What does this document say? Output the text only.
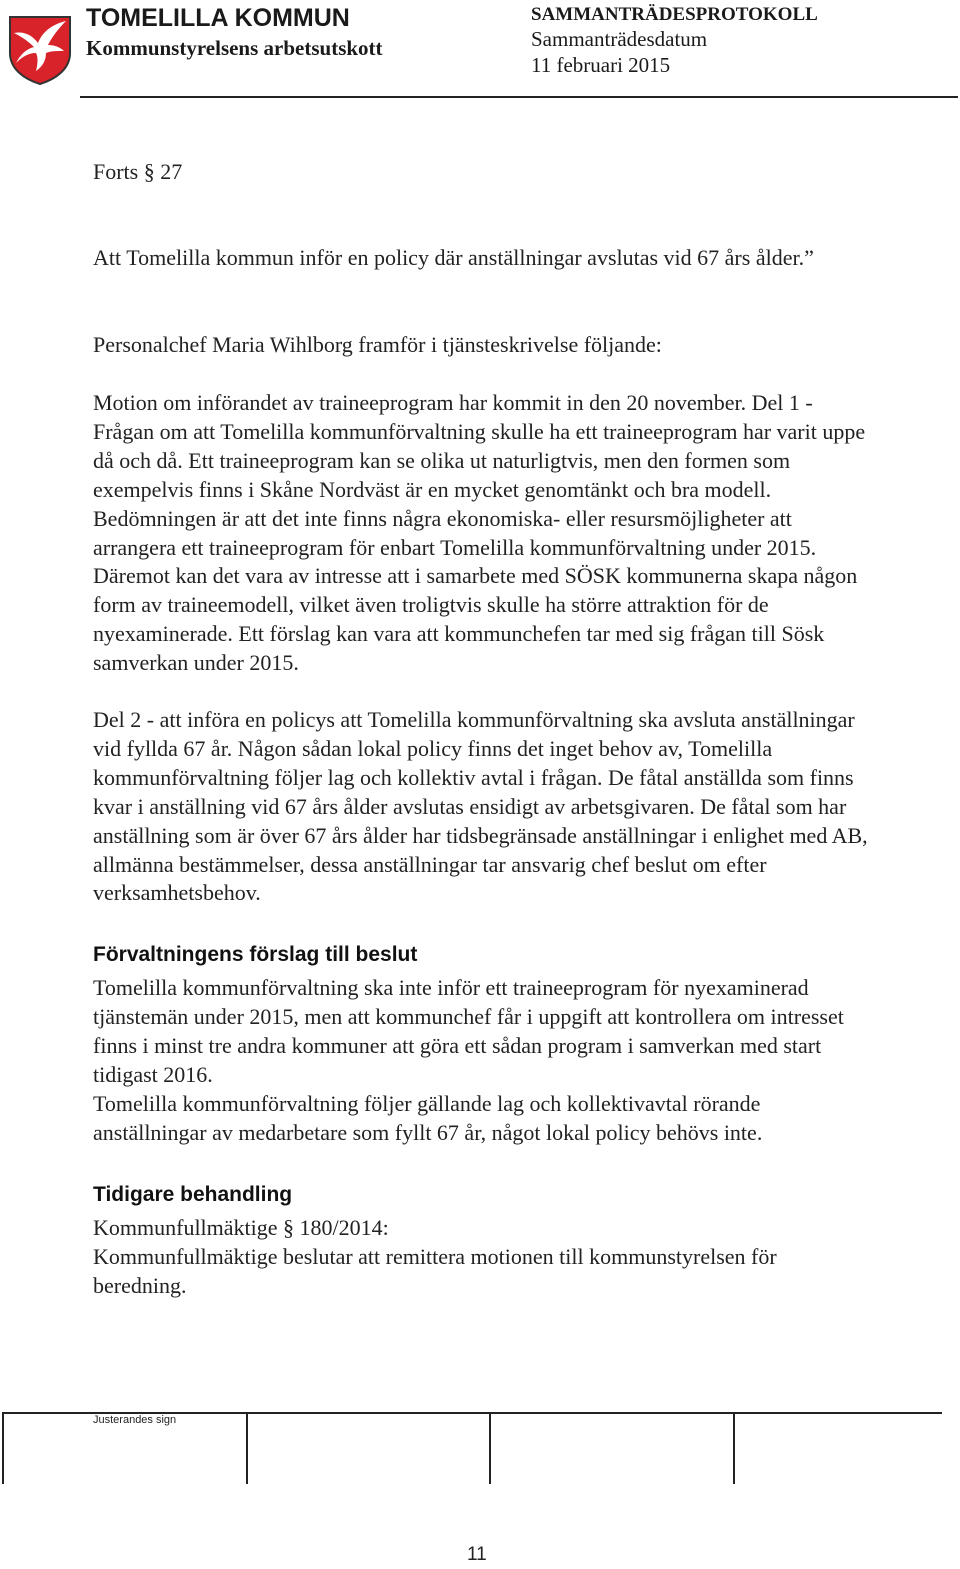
TOMELILLA KOMMUN
Kommunstyrelsens arbetsutskott
SAMMANTRÄDESPROTOKOLL
Sammanträdesdatum
11 februari 2015

Forts § 27

Att Tomelilla kommun inför en policy där anställningar avslutas vid 67 års ålder.”

Personalchef Maria Wihlborg framför i tjänsteskrivelse följande:

Motion om införandet av traineeprogram har kommit in den 20 november. Del 1 -Frågan om att Tomelilla kommunförvaltning skulle ha ett traineeprogram har varit uppe då och då. Ett traineeprogram kan se olika ut naturligtvis, men den formen som exempelvis finns i Skåne Nordväst är en mycket genomtänkt och bra modell. Bedömningen är att det inte finns några ekonomiska- eller resursmöjligheter att arrangera ett traineeprogram för enbart Tomelilla kommunförvaltning under 2015. Däremot kan det vara av intresse att i samarbete med SÖSK kommunerna skapa någon form av traineemodell, vilket även troligtvis skulle ha större attraktion för de nyexaminerade. Ett förslag kan vara att kommunchefen tar med sig frågan till Sösk samverkan under 2015.

Del 2 - att införa en policys att Tomelilla kommunförvaltning ska avsluta anställningar vid fyllda 67 år. Någon sådan lokal policy finns det inget behov av, Tomelilla kommunförvaltning följer lag och kollektiv avtal i frågan. De fåtal anställda som finns kvar i anställning vid 67 års ålder avslutas ensidigt av arbetsgivaren. De fåtal som har anställning som är över 67 års ålder har tidsbegränsade anställningar i enlighet med AB, allmänna bestämmelser, dessa anställningar tar ansvarig chef beslut om efter verksamhetsbehov.

Förvaltningens förslag till beslut

Tomelilla kommunförvaltning ska inte inför ett traineeprogram för nyexaminerad tjänstemän under 2015, men att kommunchef får i uppgift att kontrollera om intresset finns i minst tre andra kommuner att göra ett sådan program i samverkan med start tidigast 2016.

Tomelilla kommunförvaltning följer gällande lag och kollektivavtal rörande anställningar av medarbetare som fyllt 67 år, något lokal policy behövs inte.

Tidigare behandling

Kommunfullmäktige § 180/2014:

Kommunfullmäktige beslutar att remittera motionen till kommunstyrelsen för beredning.

Justerandes sign
11
